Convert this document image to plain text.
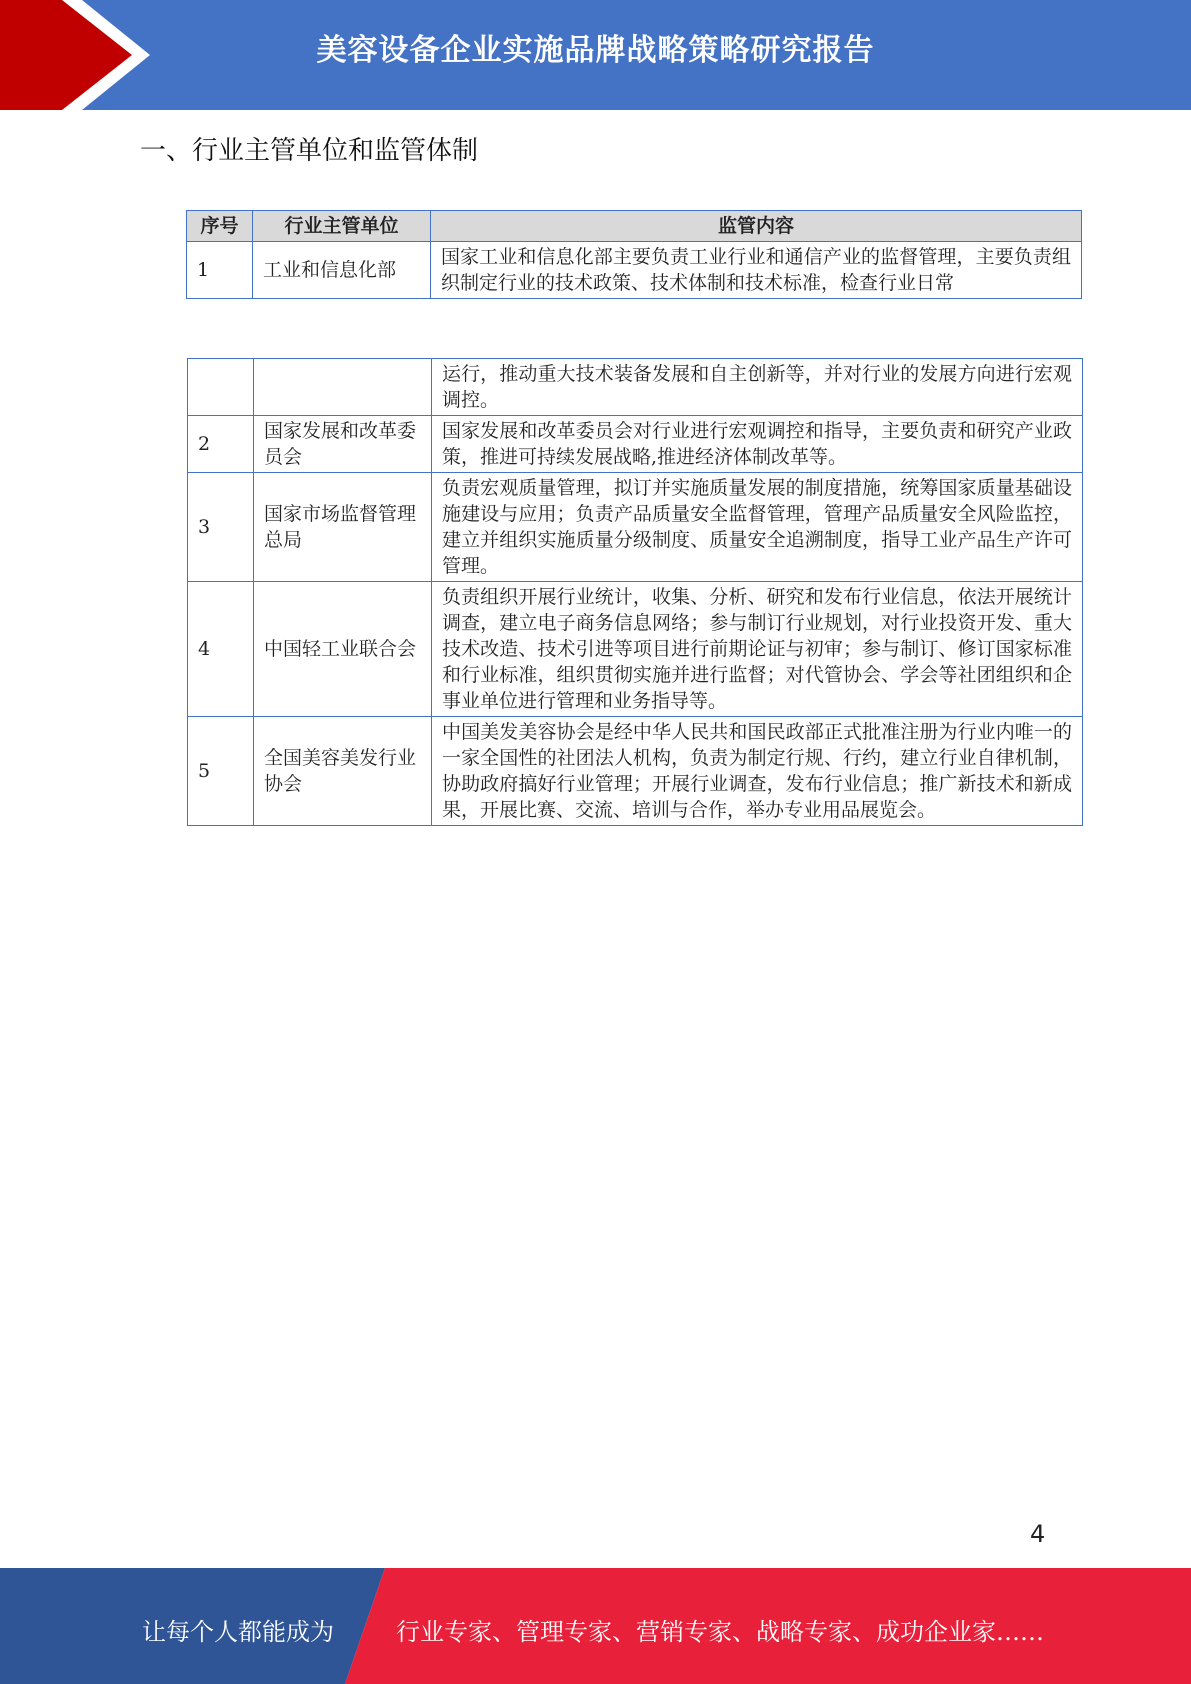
美容设备企业实施品牌战略策略研究报告
一、行业主管单位和监管体制
序号	行业主管单位	监管内容
1	工业和信息化部	国家工业和信息化部主要负责工业行业和通信产业的监督管理，主要负责组织制定行业的技术政策、技术体制和技术标准，检查行业日常
		运行，推动重大技术装备发展和自主创新等，并对行业的发展方向进行宏观调控。
2	国家发展和改革委员会	国家发展和改革委员会对行业进行宏观调控和指导，主要负责和研究产业政策，推进可持续发展战略,推进经济体制改革等。
3	国家市场监督管理总局	负责宏观质量管理，拟订并实施质量发展的制度措施，统筹国家质量基础设施建设与应用；负责产品质量安全监督管理，管理产品质量安全风险监控，建立并组织实施质量分级制度、质量安全追溯制度，指导工业产品生产许可管理。
4	中国轻工业联合会	负责组织开展行业统计，收集、分析、研究和发布行业信息，依法开展统计调查，建立电子商务信息网络；参与制订行业规划，对行业投资开发、重大技术改造、技术引进等项目进行前期论证与初审；参与制订、修订国家标准和行业标准，组织贯彻实施并进行监督；对代管协会、学会等社团组织和企事业单位进行管理和业务指导等。
5	全国美容美发行业协会	中国美发美容协会是经中华人民共和国民政部正式批准注册为行业内唯一的一家全国性的社团法人机构，负责为制定行规、行约，建立行业自律机制，协助政府搞好行业管理；开展行业调查，发布行业信息；推广新技术和新成果，开展比赛、交流、培训与合作，举办专业用品展览会。
4
让每个人都能成为	行业专家、管理专家、营销专家、战略专家、成功企业家……
